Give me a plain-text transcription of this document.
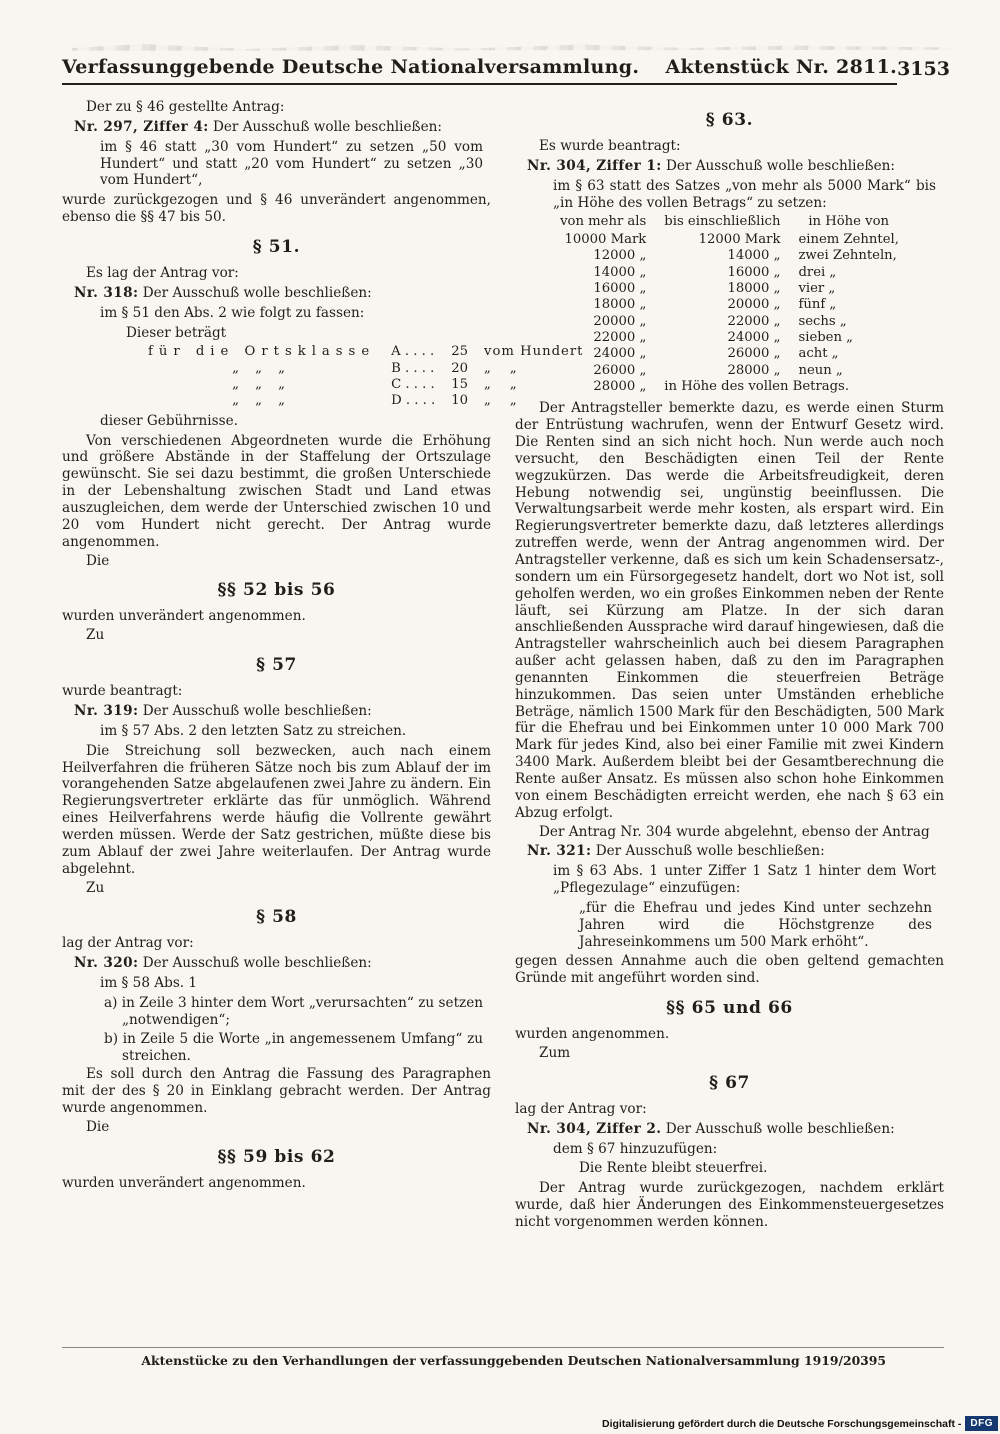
Verfassunggebende Deutsche Nationalversammlung.  Aktenstück Nr. 2811. 3153

Der zu § 46 gestellte Antrag:

Nr. 297, Ziffer 4: Der Ausschuß wolle beschließen:

im § 46 statt „30 vom Hundert“ zu setzen „50 vom Hundert“ und statt „20 vom Hundert“ zu setzen „30 vom Hundert“,

wurde zurückgezogen und § 46 unverändert angenommen, ebenso die §§ 47 bis 50.

§ 51.

Es lag der Antrag vor:

Nr. 318: Der Ausschuß wolle beschließen:

im § 51 den Abs. 2 wie folgt zu fassen:

Dieser beträgt

für die Ortsklasse	A . . . .	25	vom Hundert
„ „ „	B . . . .	20	„   „
„ „ „	C . . . .	15	„   „
„ „ „	D . . . .	10	„   „

dieser Gebührnisse.

Von verschiedenen Abgeordneten wurde die Erhöhung und größere Abstände in der Staffelung der Ortszulage gewünscht. Sie sei dazu bestimmt, die großen Unterschiede in der Lebenshaltung zwischen Stadt und Land etwas auszugleichen, dem werde der Unterschied zwischen 10 und 20 vom Hundert nicht gerecht. Der Antrag wurde angenommen.

Die

§§ 52 bis 56

wurden unverändert angenommen.

Zu

§ 57

wurde beantragt:

Nr. 319: Der Ausschuß wolle beschließen:

im § 57 Abs. 2 den letzten Satz zu streichen.

Die Streichung soll bezwecken, auch nach einem Heilverfahren die früheren Sätze noch bis zum Ablauf der im vorangehenden Satze abgelaufenen zwei Jahre zu ändern. Ein Regierungsvertreter erklärte das für unmöglich. Während eines Heilverfahrens werde häufig die Vollrente gewährt werden müssen. Werde der Satz gestrichen, müßte diese bis zum Ablauf der zwei Jahre weiterlaufen. Der Antrag wurde abgelehnt.

Zu

§ 58

lag der Antrag vor:

Nr. 320: Der Ausschuß wolle beschließen:

im § 58 Abs. 1

a) in Zeile 3 hinter dem Wort „verursachten“ zu setzen „notwendigen“;

b) in Zeile 5 die Worte „in angemessenem Umfang“ zu streichen.

Es soll durch den Antrag die Fassung des Paragraphen mit der des § 20 in Einklang gebracht werden. Der Antrag wurde angenommen.

Die

§§ 59 bis 62

wurden unverändert angenommen.

§ 63.

Es wurde beantragt:

Nr. 304, Ziffer 1: Der Ausschuß wolle beschließen:

im § 63 statt des Satzes „von mehr als 5000 Mark“ bis „in Höhe des vollen Betrags“ zu setzen:

von mehr als	bis einschließlich	in Höhe von
10000 Mark	12000 Mark	einem Zehntel,
12000 „	14000 „	zwei Zehnteln,
14000 „	16000 „	drei „
16000 „	18000 „	vier „
18000 „	20000 „	fünf „
20000 „	22000 „	sechs „
22000 „	24000 „	sieben „
24000 „	26000 „	acht „
26000 „	28000 „	neun „
28000 „	in Höhe des vollen Betrags.	

Der Antragsteller bemerkte dazu, es werde einen Sturm der Entrüstung wachrufen, wenn der Entwurf Gesetz wird. Die Renten sind an sich nicht hoch. Nun werde auch noch versucht, den Beschädigten einen Teil der Rente wegzukürzen. Das werde die Arbeitsfreudigkeit, deren Hebung notwendig sei, ungünstig beeinflussen. Die Verwaltungsarbeit werde mehr kosten, als erspart wird. Ein Regierungsvertreter bemerkte dazu, daß letzteres allerdings zutreffen werde, wenn der Antrag angenommen wird. Der Antragsteller verkenne, daß es sich um kein Schadensersatz-, sondern um ein Fürsorgegesetz handelt, dort wo Not ist, soll geholfen werden, wo ein großes Einkommen neben der Rente läuft, sei Kürzung am Platze. In der sich daran anschließenden Aussprache wird darauf hingewiesen, daß die Antragsteller wahrscheinlich auch bei diesem Paragraphen außer acht gelassen haben, daß zu den im Paragraphen genannten Einkommen die steuerfreien Beträge hinzukommen. Das seien unter Umständen erhebliche Beträge, nämlich 1500 Mark für den Beschädigten, 500 Mark für die Ehefrau und bei Einkommen unter 10 000 Mark 700 Mark für jedes Kind, also bei einer Familie mit zwei Kindern 3400 Mark. Außerdem bleibt bei der Gesamtberechnung die Rente außer Ansatz. Es müssen also schon hohe Einkommen von einem Beschädigten erreicht werden, ehe nach § 63 ein Abzug erfolgt.

Der Antrag Nr. 304 wurde abgelehnt, ebenso der Antrag

Nr. 321: Der Ausschuß wolle beschließen:

im § 63 Abs. 1 unter Ziffer 1 Satz 1 hinter dem Wort „Pflegezulage“ einzufügen:

„für die Ehefrau und jedes Kind unter sechzehn Jahren wird die Höchstgrenze des Jahreseinkommens um 500 Mark erhöht“.

gegen dessen Annahme auch die oben geltend gemachten Gründe mit angeführt worden sind.

§§ 65 und 66

wurden angenommen.

Zum

§ 67

lag der Antrag vor:

Nr. 304, Ziffer 2. Der Ausschuß wolle beschließen:

dem § 67 hinzuzufügen:

Die Rente bleibt steuerfrei.

Der Antrag wurde zurückgezogen, nachdem erklärt wurde, daß hier Änderungen des Einkommensteuergesetzes nicht vorgenommen werden können.

Aktenstücke zu den Verhandlungen der verfassunggebenden Deutschen Nationalversammlung 1919/20.
395
Digitalisierung gefördert durch die Deutsche Forschungsgemeinschaft - DFG
